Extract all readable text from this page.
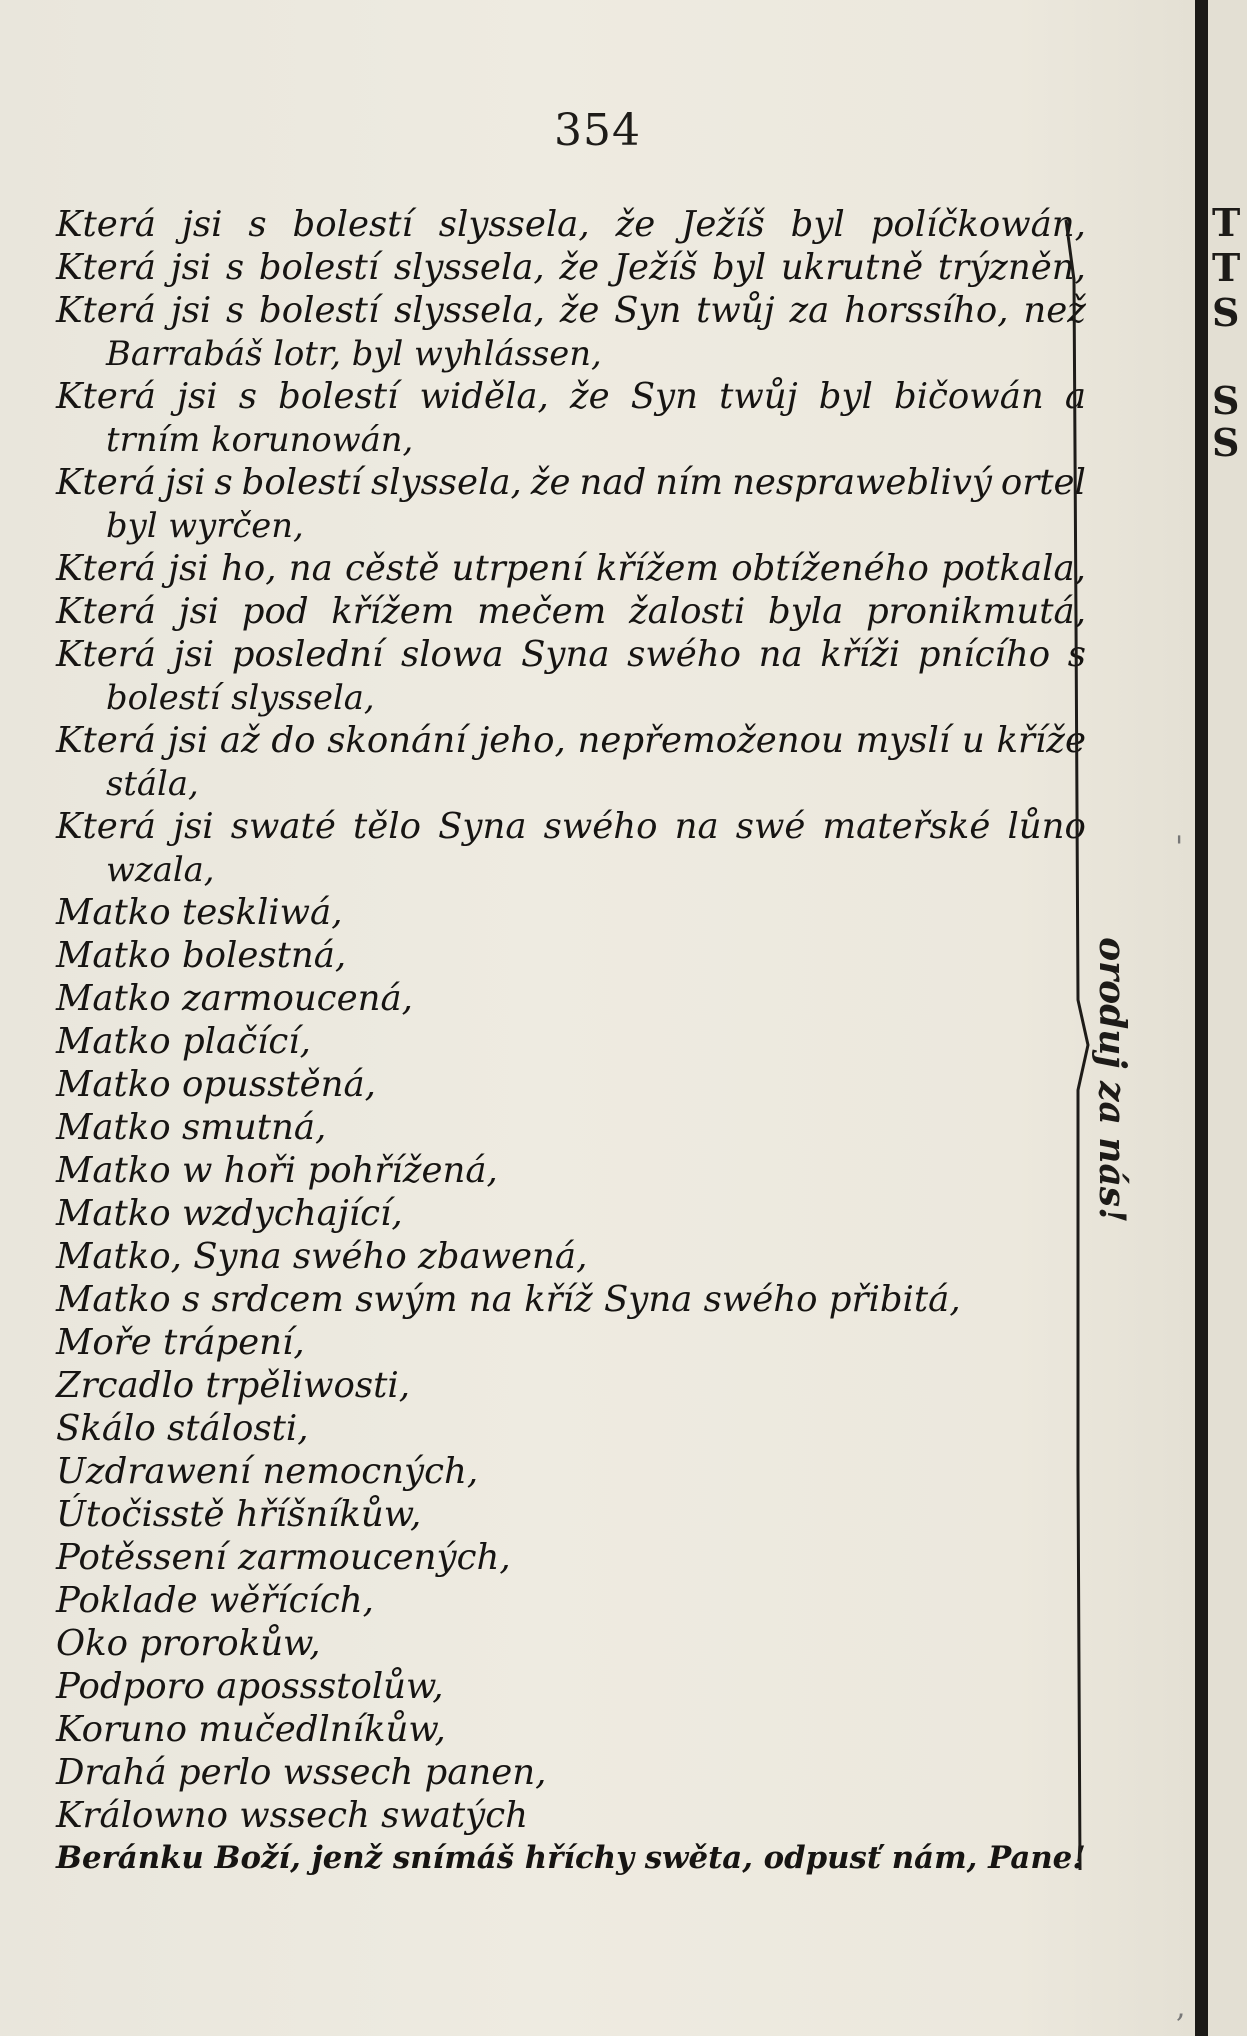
354
Která jsi s bolestí slyssela, že Ježíš byl políčkowán,
Která jsi s bolestí slyssela, že Ježíš byl ukrutně trýzněn,
Která jsi s bolestí slyssela, že Syn twůj za horssího, než
Barrabáš lotr, byl wyhlássen,
Která jsi s bolestí widěla, že Syn twůj byl bičowán a
trním korunowán,
Která jsi s bolestí slyssela, že nad ním nespraweblivý ortel
byl wyrčen,
Která jsi ho, na cěstě utrpení křížem obtíženého potkala,
Která jsi pod křížem mečem žalosti byla pronikmutá,
Která jsi poslední slowa Syna swého na kříži pnícího s
bolestí slyssela,
Která jsi až do skonání jeho, nepřemoženou myslí u kříže
stála,
Která jsi swaté tělo Syna swého na swé mateřské lůno
wzala,
Matko teskliwá,
Matko bolestná,
Matko zarmoucená,
Matko plačící,
Matko opusstěná,
Matko smutná,
Matko w hoři pohřížená,
Matko wzdychající,
Matko, Syna swého zbawená,
Matko s srdcem swým na kříž Syna swého přibitá,
Moře trápení,
Zrcadlo trpěliwosti,
Skálo stálosti,
Uzdrawení nemocných,
Útočisstě hříšníkůw,
Potěssení zarmoucených,
Poklade wěřících,
Oko prorokůw,
Podporo apossstolůw,
Koruno mučedlníkůw,
Drahá perlo wssech panen,
Králowno wssech swatých
Beránku Boží, jenž snímáš hříchy swěta, odpusť nám, Pane!
oroduj za nás!
'
,
T
T
S
S
S
